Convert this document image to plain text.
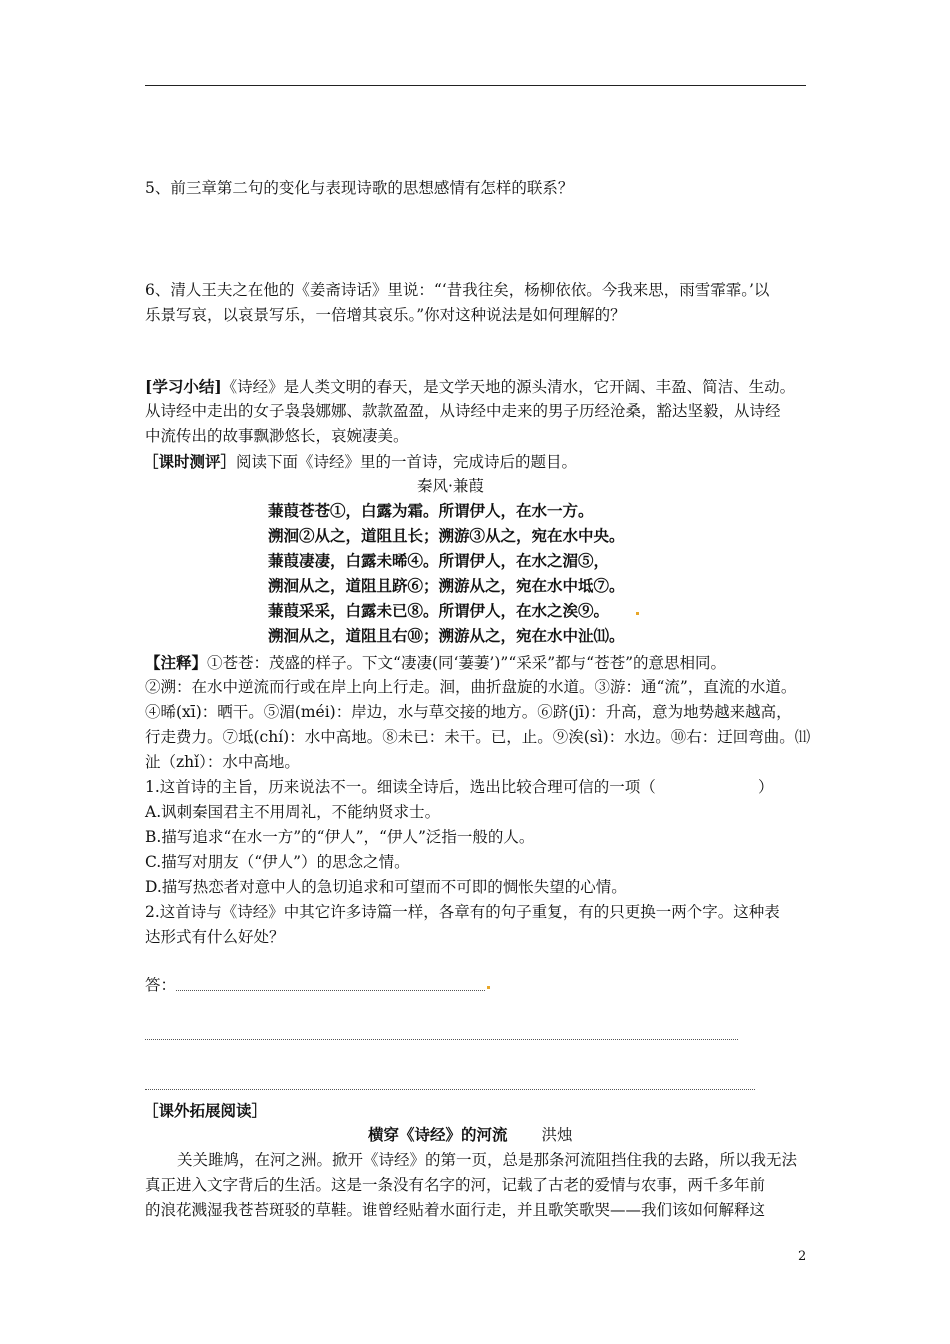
5、前三章第二句的变化与表现诗歌的思想感情有怎样的联系？
6、清人王夫之在他的《姜斋诗话》里说：“‘昔我往矣，杨柳依依。今我来思，雨雪霏霏。’以
乐景写哀，以哀景写乐，一倍增其哀乐。”你对这种说法是如何理解的？
[学习小结]《诗经》是人类文明的春天，是文学天地的源头清水，它开阔、丰盈、简洁、生动。
从诗经中走出的女子袅袅娜娜、款款盈盈，从诗经中走来的男子历经沧桑，豁达坚毅，从诗经
中流传出的故事飘渺悠长，哀婉凄美。
［课时测评］阅读下面《诗经》里的一首诗，完成诗后的题目。
秦风·兼葭
蒹葭苍苍①，白露为霜。所谓伊人，在水一方。
溯洄②从之，道阻且长；溯游③从之，宛在水中央。
蒹葭凄凄，白露未晞④。所谓伊人，在水之湄⑤，
溯洄从之，道阻且跻⑥；溯游从之，宛在水中坻⑦。
蒹葭采采，白露未已⑧。所谓伊人，在水之涘⑨。
溯洄从之，道阻且右⑩；溯游从之，宛在水中沚⑾。
【注释】①苍苍：茂盛的样子。下文“凄凄(同‘萋萋’)”“采采”都与“苍苍”的意思相同。
②溯：在水中逆流而行或在岸上向上行走。洄，曲折盘旋的水道。③游：通“流”，直流的水道。
④晞(xī)：晒干。⑤湄(méi)：岸边，水与草交接的地方。⑥跻(jī)：升高，意为地势越来越高，
行走费力。⑦坻(chí)：水中高地。⑧未已：未干。已，止。⑨涘(sì)：水边。⑩右：迂回弯曲。⑾
沚（zhǐ）：水中高地。
1.这首诗的主旨，历来说法不一。细读全诗后，选出比较合理可信的一项（	）
A.讽刺秦国君主不用周礼，不能纳贤求士。
B.描写追求“在水一方”的“伊人”，“伊人”泛指一般的人。
C.描写对朋友（“伊人”）的思念之情。
D.描写热恋者对意中人的急切追求和可望而不可即的惆怅失望的心情。
2.这首诗与《诗经》中其它许多诗篇一样，各章有的句子重复，有的只更换一两个字。这种表
达形式有什么好处？
答：
［课外拓展阅读］
横穿《诗经》的河流 洪烛
关关雎鸠，在河之洲。掀开《诗经》的第一页，总是那条河流阻挡住我的去路，所以我无法
真正进入文字背后的生活。这是一条没有名字的河，记载了古老的爱情与农事，两千多年前
的浪花溅湿我苍苔斑驳的草鞋。谁曾经贴着水面行走，并且歌笑歌哭——我们该如何解释这
2
